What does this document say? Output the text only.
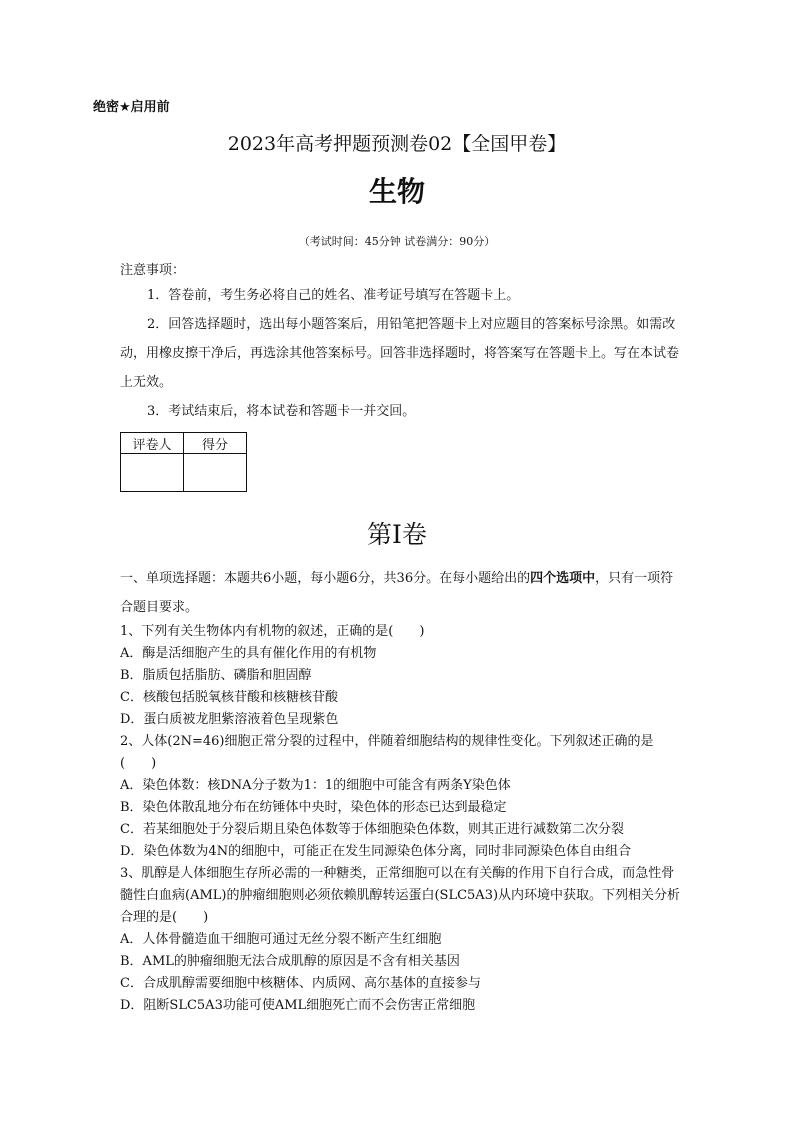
绝密★启用前
2023年高考押题预测卷02【全国甲卷】
生物
（考试时间：45分钟 试卷满分：90分）
注意事项：

1．答卷前，考生务必将自己的姓名、准考证号填写在答题卡上。

2．回答选择题时，选出每小题答案后，用铅笔把答题卡上对应题目的答案标号涂黑。如需改动，用橡皮擦干净后，再选涂其他答案标号。回答非选择题时，将答案写在答题卡上。写在本试卷上无效。

3．考试结束后，将本试卷和答题卡一并交回。

评卷人	得分

第I卷
一、单项选择题：本题共6小题，每小题6分，共36分。在每小题给出的四个选项中，只有一项符合题目要求。
1、下列有关生物体内有机物的叙述，正确的是(　　)
A．酶是活细胞产生的具有催化作用的有机物
B．脂质包括脂肪、磷脂和胆固醇
C．核酸包括脱氧核苷酸和核糖核苷酸
D．蛋白质被龙胆紫溶液着色呈现紫色
2、人体(2N=46)细胞正常分裂的过程中，伴随着细胞结构的规律性变化。下列叙述正确的是(　　)
A．染色体数：核DNA分子数为1：1的细胞中可能含有两条Y染色体
B．染色体散乱地分布在纺锤体中央时，染色体的形态已达到最稳定
C．若某细胞处于分裂后期且染色体数等于体细胞染色体数，则其正进行减数第二次分裂
D．染色体数为4N的细胞中，可能正在发生同源染色体分离，同时非同源染色体自由组合
3、肌醇是人体细胞生存所必需的一种糖类，正常细胞可以在有关酶的作用下自行合成，而急性骨髓性白血病(AML)的肿瘤细胞则必须依赖肌醇转运蛋白(SLC5A3)从内环境中获取。下列相关分析合理的是(　　)
A．人体骨髓造血干细胞可通过无丝分裂不断产生红细胞
B．AML的肿瘤细胞无法合成肌醇的原因是不含有相关基因
C．合成肌醇需要细胞中核糖体、内质网、高尔基体的直接参与
D．阻断SLC5A3功能可使AML细胞死亡而不会伤害正常细胞
